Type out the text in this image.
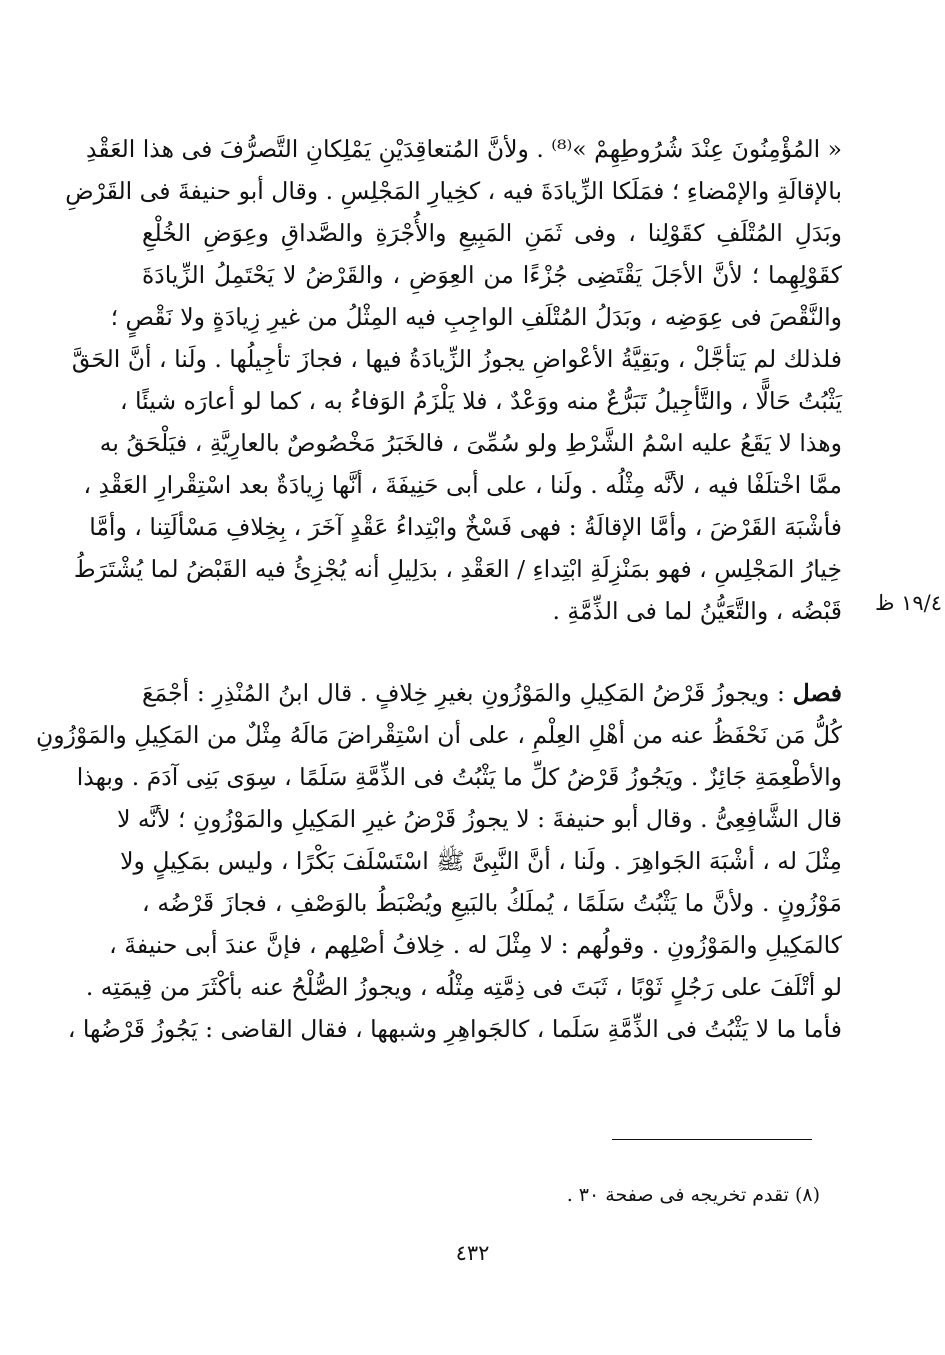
« المُؤْمِنُونَ عِنْدَ شُرُوطِهِمْ »⁽⁸⁾ . ولأنَّ المُتعاقِدَيْنِ يَمْلِكانِ التَّصرُّفَ فى هذا العَقْدِ
بالإقالَةِ والإمْضاءِ ؛ فمَلَكا الزِّيادَةَ فيه ، كخِيارِ المَجْلِسِ . وقال أبو حنيفةَ فى القَرْضِ
وبَدَلِ المُتْلَفِ كقَوْلِنا ، وفى ثَمَنِ المَبِيعِ والأُجْرَةِ والصَّداقِ وعِوَضِ الخُلْعِ
كقَوْلِهِما ؛ لأنَّ الأجَلَ يَقْتَضِى جُزْءًا من العِوَضِ ، والقَرْضُ لا يَحْتَمِلُ الزِّيادَةَ
والنَّقْصَ فى عِوَضِه ، وبَدَلُ المُتْلَفِ الواجِبِ فيه المِثْلُ من غيرِ زِيادَةٍ ولا نَقْصٍ ؛
فلذلك لم يَتأجَّلْ ، وبَقِيَّةُ الأعْواضِ يجوزُ الزِّيادَةُ فيها ، فجازَ تأجِيلُها . ولَنا ، أنَّ الحَقَّ
يَثْبُتُ حَالًّا ، والتَّأجِيلُ تَبَرُّعٌ منه ووَعْدٌ ، فلا يَلْزَمُ الوَفاءُ به ، كما لو أعارَه شيئًا ،
وهذا لا يَقَعُ عليه اسْمُ الشَّرْطِ ولو سُمِّىَ ، فالخَبَرُ مَخْصُوصٌ بالعارِيَّةِ ، فيَلْحَقُ به
ممَّا اخْتلَفْا فيه ، لأنَّه مِثْلُه . ولَنا ، على أبى حَنِيفَةَ ، أنَّها زِيادَةٌ بعد اسْتِقْرارِ العَقْدِ ،
فأشْبَهَ القَرْضَ ، وأمَّا الإقالَةُ : فهى فَسْخٌ وابْتِداءُ عَقْدٍ آخَرَ ، بِخِلافِ مَسْألَتِنا ، وأمَّا
خِيارُ المَجْلِسِ ، فهو بمَنْزِلَةِ ابْتِداءِ / العَقْدِ ، بدَلِيلِ أنه يُجْزِئُ فيه القَبْضُ لما يُشْتَرَطُ
قَبْضُه ، والتَّعَيُّنُ لما فى الذِّمَّةِ .	١٩/٤ ظ
فصل : ويجوزُ قَرْضُ المَكِيلِ والمَوْزُونِ بغيرِ خِلافٍ . قال ابنُ المُنْذِرِ : أجْمَعَ
كُلُّ مَن نَحْفَظُ عنه من أهْلِ العِلْمِ ، على أن اسْتِقْراضَ مَالَهُ مِثْلٌ من المَكِيلِ والمَوْزُونِ
والأطْعِمَةِ جَائِزٌ . ويَجُوزُ قَرْضُ كلِّ ما يَثْبُتُ فى الذِّمَّةِ سَلَمًا ، سِوَى بَنِى آدَمَ . وبهذا
قال الشَّافِعِىُّ . وقال أبو حنيفةَ : لا يجوزُ قَرْضُ غيرِ المَكِيلِ والمَوْزُونِ ؛ لأنَّه لا
مِثْلَ له ، أشْبَهَ الجَواهِرَ . ولَنا ، أنَّ النَّبِىَّ ﷺ اسْتَسْلَفَ بَكْرًا ، وليس بمَكِيلٍ ولا
مَوْزُونٍ . ولأنَّ ما يَثْبُتُ سَلَمًا ، يُملَكُ بالبَيعِ ويُضْبَطُ بالوَصْفِ ، فجازَ قَرْضُه ،
كالمَكِيلِ والمَوْزُونِ . وقولُهم : لا مِثْلَ له . خِلافُ أصْلِهم ، فإنَّ عندَ أبى حنيفةَ ،
لو أتْلَفَ على رَجُلٍ ثَوْبًا ، ثَبَتَ فى ذِمَّتِه مِثْلُه ، ويجوزُ الصُّلْحُ عنه بأكْثَرَ من قِيمَتِه .
فأما ما لا يَثْبُتُ فى الذِّمَّةِ سَلَما ، كالجَواهِرِ وشبهها ، فقال القاضى : يَجُوزُ قَرْضُها ،
(٨) تقدم تخريجه فى صفحة ٣٠ .
٤٣٢
